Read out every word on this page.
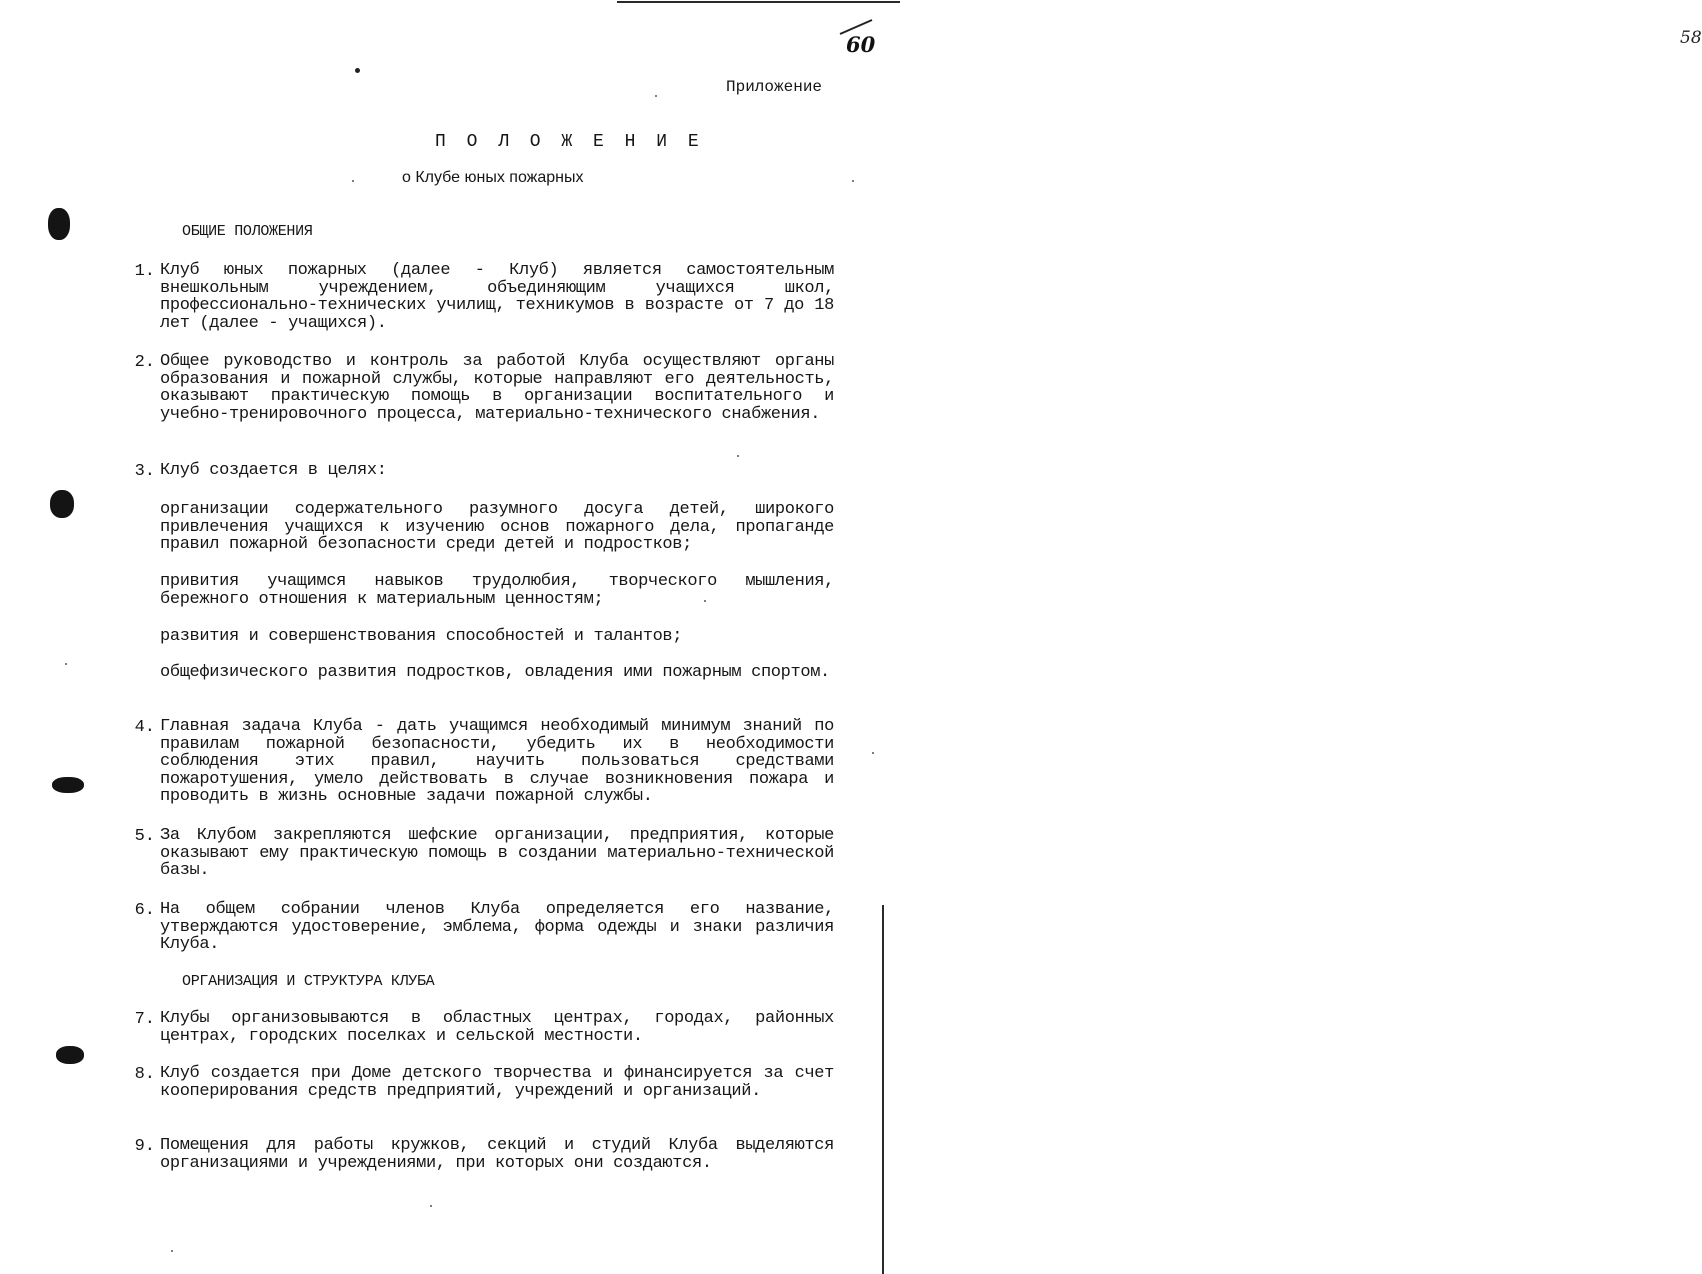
58
60
Приложение
П О Л О Ж Е Н И Е
о Клубе юных пожарных
ОБЩИЕ ПОЛОЖЕНИЯ
1. Клуб юных пожарных (далее - Клуб) является самостоятельным внешкольным учреждением, объединяющим учащихся школ, профессионально-технических училищ, техникумов в возрасте от 7 до 18 лет (далее - учащихся).
2. Общее руководство и контроль за работой Клуба осуществляют органы образования и пожарной службы, которые направляют его деятельность, оказывают практическую помощь в организации воспитательного и учебно-тренировочного процесса, материально-технического снабжения.
3. Клуб создается в целях:
организации содержательного разумного досуга детей, широкого привлечения учащихся к изучению основ пожарного дела, пропаганде правил пожарной безопасности среди детей и подростков;
привития учащимся навыков трудолюбия, творческого мышления, бережного отношения к материальным ценностям;
развития и совершенствования способностей и талантов;
общефизического развития подростков, овладения ими пожарным спортом.
4. Главная задача Клуба - дать учащимся необходимый минимум знаний по правилам пожарной безопасности, убедить их в необходимости соблюдения этих правил, научить пользоваться средствами пожаротушения, умело действовать в случае возникновения пожара и проводить в жизнь основные задачи пожарной службы.
5. За Клубом закрепляются шефские организации, предприятия, которые оказывают ему практическую помощь в создании материально-технической базы.
6. На общем собрании членов Клуба определяется его название, утверждаются удостоверение, эмблема, форма одежды и знаки различия Клуба.
ОРГАНИЗАЦИЯ И СТРУКТУРА КЛУБА
7. Клубы организовываются в областных центрах, городах, районных центрах, городских поселках и сельской местности.
8. Клуб создается при Доме детского творчества и финансируется за счет кооперирования средств предприятий, учреждений и организаций.
9. Помещения для работы кружков, секций и студий Клуба выделяются организациями и учреждениями, при которых они создаются.
